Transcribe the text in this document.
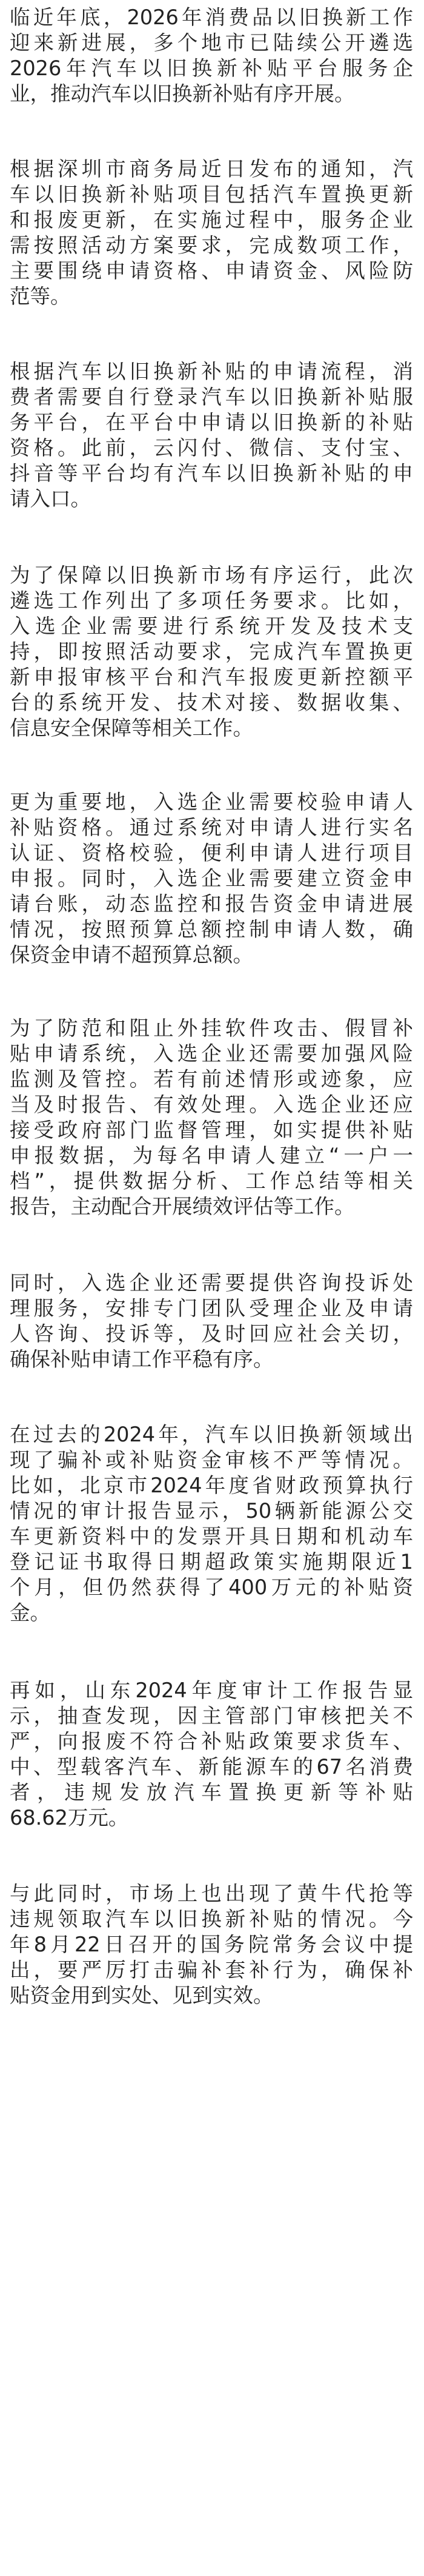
临近年底，2026年消费品以旧换新工作
迎来新进展，多个地市已陆续公开遴选
2026年汽车以旧换新补贴平台服务企
业，推动汽车以旧换新补贴有序开展。
根据深圳市商务局近日发布的通知，汽
车以旧换新补贴项目包括汽车置换更新
和报废更新，在实施过程中，服务企业
需按照活动方案要求，完成数项工作，
主要围绕申请资格、申请资金、风险防
范等。
根据汽车以旧换新补贴的申请流程，消
费者需要自行登录汽车以旧换新补贴服
务平台，在平台中申请以旧换新的补贴
资格。此前，云闪付、微信、支付宝、
抖音等平台均有汽车以旧换新补贴的申
请入口。
为了保障以旧换新市场有序运行，此次
遴选工作列出了多项任务要求。比如，
入选企业需要进行系统开发及技术支
持，即按照活动要求，完成汽车置换更
新申报审核平台和汽车报废更新控额平
台的系统开发、技术对接、数据收集、
信息安全保障等相关工作。
更为重要地，入选企业需要校验申请人
补贴资格。通过系统对申请人进行实名
认证、资格校验，便利申请人进行项目
申报。同时，入选企业需要建立资金申
请台账，动态监控和报告资金申请进展
情况，按照预算总额控制申请人数，确
保资金申请不超预算总额。
为了防范和阻止外挂软件攻击、假冒补
贴申请系统，入选企业还需要加强风险
监测及管控。若有前述情形或迹象，应
当及时报告、有效处理。入选企业还应
接受政府部门监督管理，如实提供补贴
申报数据，为每名申请人建立“一户一
档”，提供数据分析、工作总结等相关
报告，主动配合开展绩效评估等工作。
同时，入选企业还需要提供咨询投诉处
理服务，安排专门团队受理企业及申请
人咨询、投诉等，及时回应社会关切，
确保补贴申请工作平稳有序。
在过去的2024年，汽车以旧换新领域出
现了骗补或补贴资金审核不严等情况。
比如，北京市2024年度省财政预算执行
情况的审计报告显示，50辆新能源公交
车更新资料中的发票开具日期和机动车
登记证书取得日期超政策实施期限近1
个月，但仍然获得了400万元的补贴资
金。
再如，山东2024年度审计工作报告显
示，抽查发现，因主管部门审核把关不
严，向报废不符合补贴政策要求货车、
中、型载客汽车、新能源车的67名消费
者，违规发放汽车置换更新等补贴
68.62万元。
与此同时，市场上也出现了黄牛代抢等
违规领取汽车以旧换新补贴的情况。今
年8月22日召开的国务院常务会议中提
出，要严厉打击骗补套补行为，确保补
贴资金用到实处、见到实效。
